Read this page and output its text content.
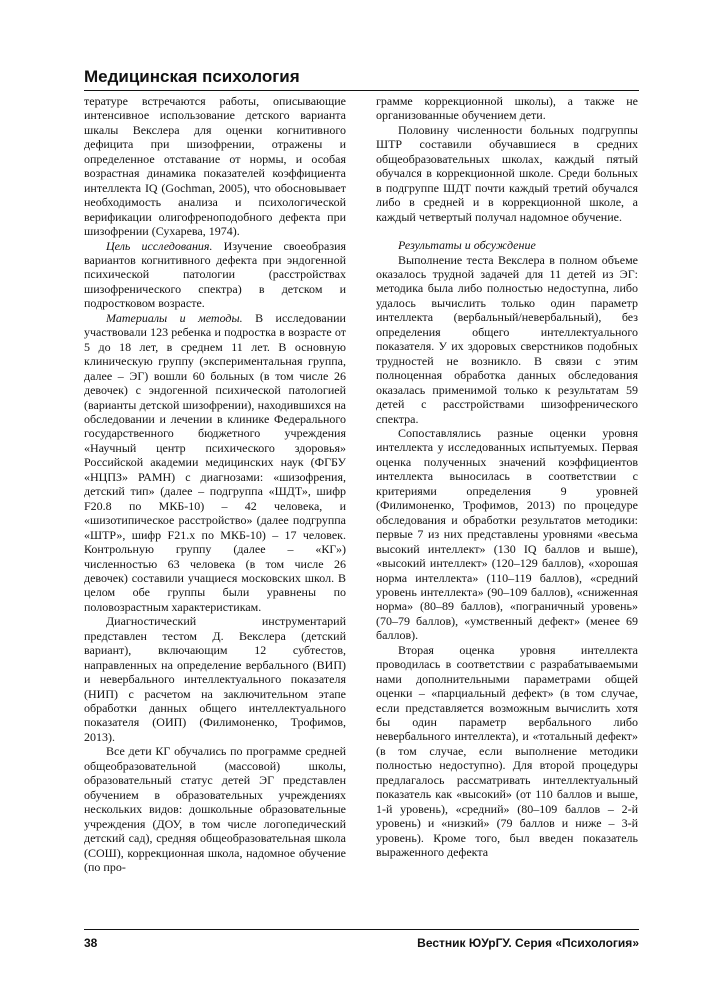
Медицинская психология

тературе встречаются работы, описывающие интенсивное использование детского варианта шкалы Векслера для оценки когнитивного дефицита при шизофрении, отражены и определенное отставание от нормы, и особая возрастная динамика показателей коэффициента интеллекта IQ (Gochman, 2005), что обосновывает необходимость анализа и психологической верификации олигофреноподобного дефекта при шизофрении (Сухарева, 1974).

Цель исследования. Изучение своеобразия вариантов когнитивного дефекта при эндогенной психической патологии (расстройствах шизофренического спектра) в детском и подростковом возрасте.

Материалы и методы. В исследовании участвовали 123 ребенка и подростка в возрасте от 5 до 18 лет, в среднем 11 лет. В основную клиническую группу (экспериментальная группа, далее – ЭГ) вошли 60 больных (в том числе 26 девочек) с эндогенной психической патологией (варианты детской шизофрении), находившихся на обследовании и лечении в клинике Федерального государственного бюджетного учреждения «Научный центр психического здоровья» Российской академии медицинских наук (ФГБУ «НЦПЗ» РАМН) с диагнозами: «шизофрения, детский тип» (далее – подгруппа «ШДТ», шифр F20.8 по МКБ-10) – 42 человека, и «шизотипическое расстройство» (далее подгруппа «ШТР», шифр F21.х по МКБ-10) – 17 человек. Контрольную группу (далее – «КГ») численностью 63 человека (в том числе 26 девочек) составили учащиеся московских школ. В целом обе группы были уравнены по половозрастным характеристикам.

Диагностический инструментарий представлен тестом Д. Векслера (детский вариант), включающим 12 субтестов, направленных на определение вербального (ВИП) и невербального интеллектуального показателя (НИП) с расчетом на заключительном этапе обработки данных общего интеллектуального показателя (ОИП) (Филимоненко, Трофимов, 2013).

Все дети КГ обучались по программе средней общеобразовательной (массовой) школы, образовательный статус детей ЭГ представлен обучением в образовательных учреждениях нескольких видов: дошкольные образовательные учреждения (ДОУ, в том числе логопедический детский сад), средняя общеобразовательная школа (СОШ), коррекционная школа, надомное обучение (по про-

грамме коррекционной школы), а также не организованные обучением дети.

Половину численности больных подгруппы ШТР составили обучавшиеся в средних общеобразовательных школах, каждый пятый обучался в коррекционной школе. Среди больных в подгруппе ШДТ почти каждый третий обучался либо в средней и в коррекционной школе, а каждый четвертый получал надомное обучение.

Результаты и обсуждение

Выполнение теста Векслера в полном объеме оказалось трудной задачей для 11 детей из ЭГ: методика была либо полностью недоступна, либо удалось вычислить только один параметр интеллекта (вербальный/невербальный), без определения общего интеллектуального показателя. У их здоровых сверстников подобных трудностей не возникло. В связи с этим полноценная обработка данных обследования оказалась применимой только к результатам 59 детей с расстройствами шизофренического спектра.

Сопоставлялись разные оценки уровня интеллекта у исследованных испытуемых. Первая оценка полученных значений коэффициентов интеллекта выносилась в соответствии с критериями определения 9 уровней (Филимоненко, Трофимов, 2013) по процедуре обследования и обработки результатов методики: первые 7 из них представлены уровнями «весьма высокий интеллект» (130 IQ баллов и выше), «высокий интеллект» (120–129 баллов), «хорошая норма интеллекта» (110–119 баллов), «средний уровень интеллекта» (90–109 баллов), «сниженная норма» (80–89 баллов), «пограничный уровень» (70–79 баллов), «умственный дефект» (менее 69 баллов).

Вторая оценка уровня интеллекта проводилась в соответствии с разрабатываемыми нами дополнительными параметрами общей оценки – «парциальный дефект» (в том случае, если представляется возможным вычислить хотя бы один параметр вербального либо невербального интеллекта), и «тотальный дефект» (в том случае, если выполнение методики полностью недоступно). Для второй процедуры предлагалось рассматривать интеллектуальный показатель как «высокий» (от 110 баллов и выше, 1-й уровень), «средний» (80–109 баллов – 2-й уровень) и «низкий» (79 баллов и ниже – 3-й уровень). Кроме того, был введен показатель выраженного дефекта

38	Вестник ЮУрГУ. Серия «Психология»
